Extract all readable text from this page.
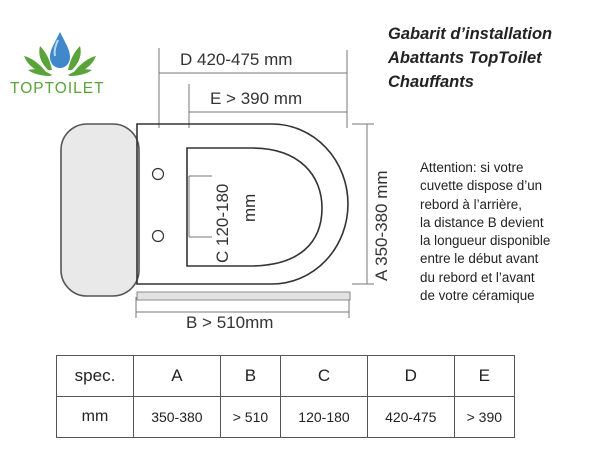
TOPTOILET
Gabarit d’installation
Abattants TopToilet
Chauffants
D 420-475 mm
E > 390 mm
B > 510mm
A 350-380 mm
C 120-180 mm
Attention: si votre
cuvette dispose d’un
rebord à l’arrière,
la distance B devient
la longueur disponible
entre le début avant
du rebord et l’avant
de votre céramique
spec.	A	B	C	D	E
mm	350-380	> 510	120-180	420-475	> 390
